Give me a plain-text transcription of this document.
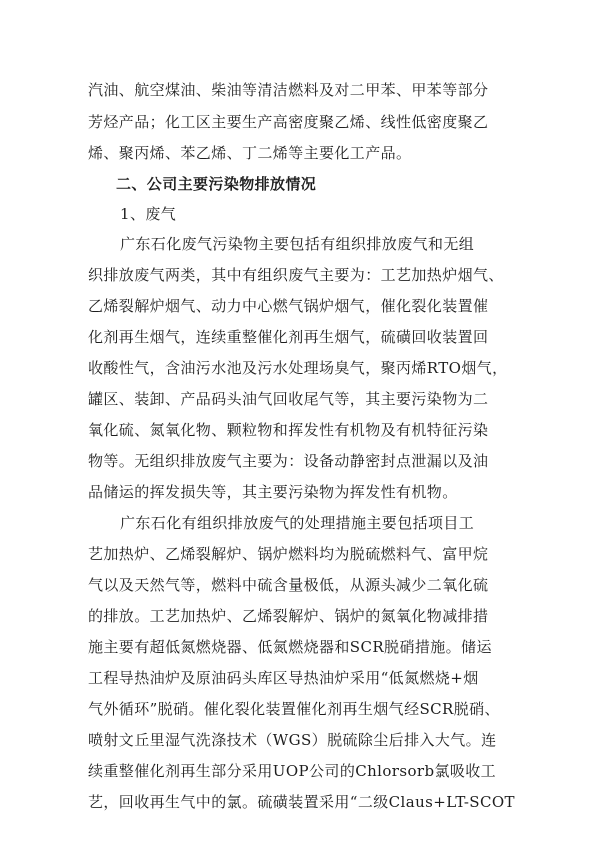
汽油、航空煤油、柴油等清洁燃料及对二甲苯、甲苯等部分

芳烃产品；化工区主要生产高密度聚乙烯、线性低密度聚乙

烯、聚丙烯、苯乙烯、丁二烯等主要化工产品。

二、公司主要污染物排放情况

1、废气

广东石化废气污染物主要包括有组织排放废气和无组

织排放废气两类，其中有组织废气主要为：工艺加热炉烟气、

乙烯裂解炉烟气、动力中心燃气锅炉烟气，催化裂化装置催

化剂再生烟气，连续重整催化剂再生烟气，硫磺回收装置回

收酸性气，含油污水池及污水处理场臭气，聚丙烯RTO烟气，

罐区、装卸、产品码头油气回收尾气等，其主要污染物为二

氧化硫、氮氧化物、颗粒物和挥发性有机物及有机特征污染

物等。无组织排放废气主要为：设备动静密封点泄漏以及油

品储运的挥发损失等，其主要污染物为挥发性有机物。

广东石化有组织排放废气的处理措施主要包括项目工

艺加热炉、乙烯裂解炉、锅炉燃料均为脱硫燃料气、富甲烷

气以及天然气等，燃料中硫含量极低，从源头减少二氧化硫

的排放。工艺加热炉、乙烯裂解炉、锅炉的氮氧化物减排措

施主要有超低氮燃烧器、低氮燃烧器和SCR脱硝措施。储运

工程导热油炉及原油码头库区导热油炉采用“低氮燃烧+烟

气外循环”脱硝。催化裂化装置催化剂再生烟气经SCR脱硝、

喷射文丘里湿气洗涤技术（WGS）脱硫除尘后排入大气。连

续重整催化剂再生部分采用UOP公司的Chlorsorb氯吸收工

艺，回收再生气中的氯。硫磺装置采用“二级Claus+LT-SCOT
